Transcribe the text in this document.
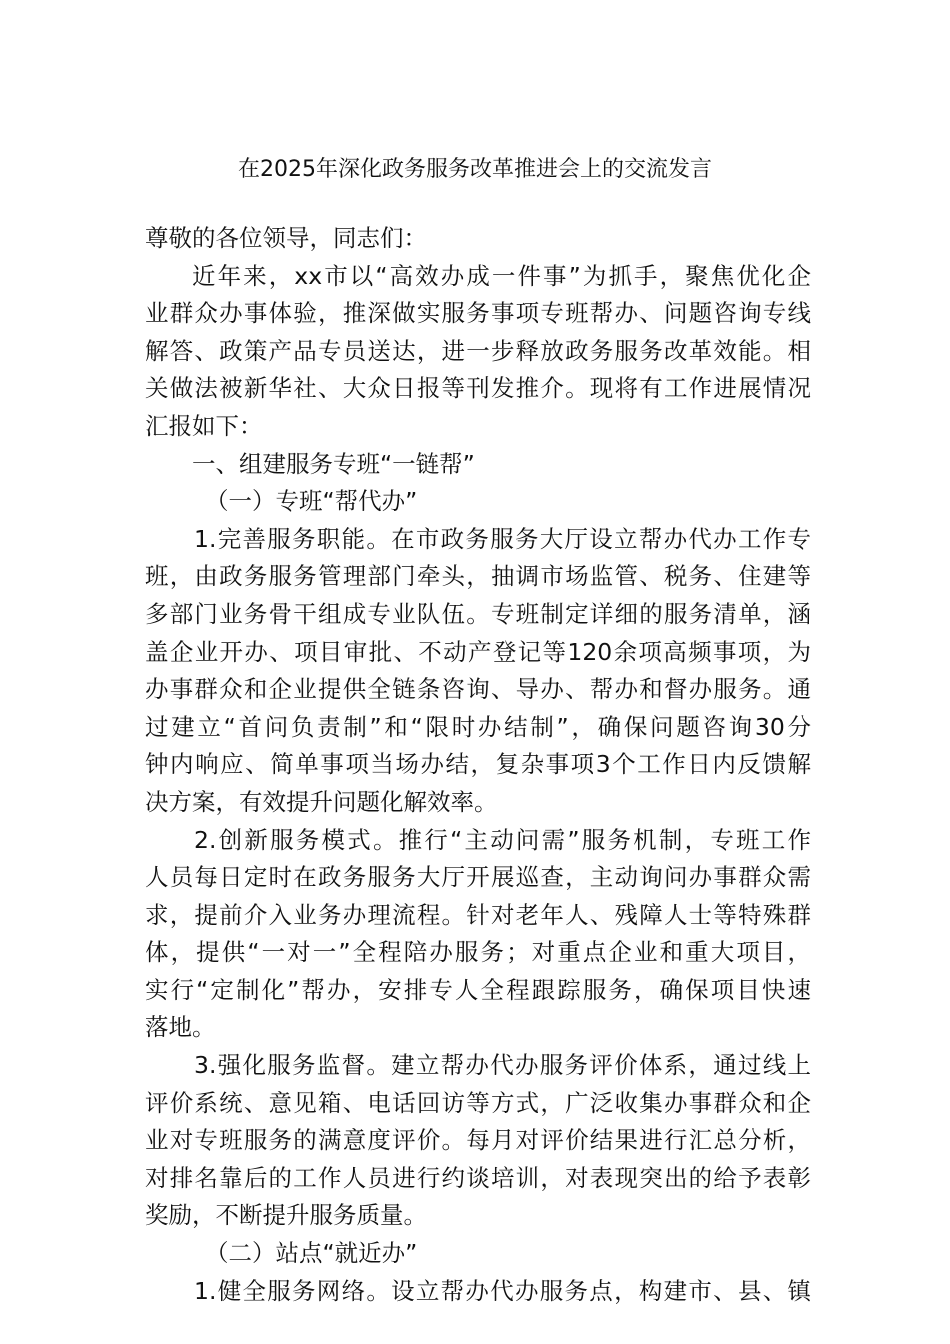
在2025年深化政务服务改革推进会上的交流发言
尊敬的各位领导，同志们：
近年来，xx市以“高效办成一件事”为抓手，聚焦优化企
业群众办事体验，推深做实服务事项专班帮办、问题咨询专线
解答、政策产品专员送达，进一步释放政务服务改革效能。相
关做法被新华社、大众日报等刊发推介。现将有工作进展情况
汇报如下：
一、组建服务专班“一链帮”
（一）专班“帮代办”
1.完善服务职能。在市政务服务大厅设立帮办代办工作专
班，由政务服务管理部门牵头，抽调市场监管、税务、住建等
多部门业务骨干组成专业队伍。专班制定详细的服务清单，涵
盖企业开办、项目审批、不动产登记等120余项高频事项，为
办事群众和企业提供全链条咨询、导办、帮办和督办服务。通
过建立“首问负责制”和“限时办结制”，确保问题咨询30分
钟内响应、简单事项当场办结，复杂事项3个工作日内反馈解
决方案，有效提升问题化解效率。
2.创新服务模式。推行“主动问需”服务机制，专班工作
人员每日定时在政务服务大厅开展巡查，主动询问办事群众需
求，提前介入业务办理流程。针对老年人、残障人士等特殊群
体，提供“一对一”全程陪办服务；对重点企业和重大项目，
实行“定制化”帮办，安排专人全程跟踪服务，确保项目快速
落地。
3.强化服务监督。建立帮办代办服务评价体系，通过线上
评价系统、意见箱、电话回访等方式，广泛收集办事群众和企
业对专班服务的满意度评价。每月对评价结果进行汇总分析，
对排名靠后的工作人员进行约谈培训，对表现突出的给予表彰
奖励，不断提升服务质量。
（二）站点“就近办”
1.健全服务网络。设立帮办代办服务点，构建市、县、镇
